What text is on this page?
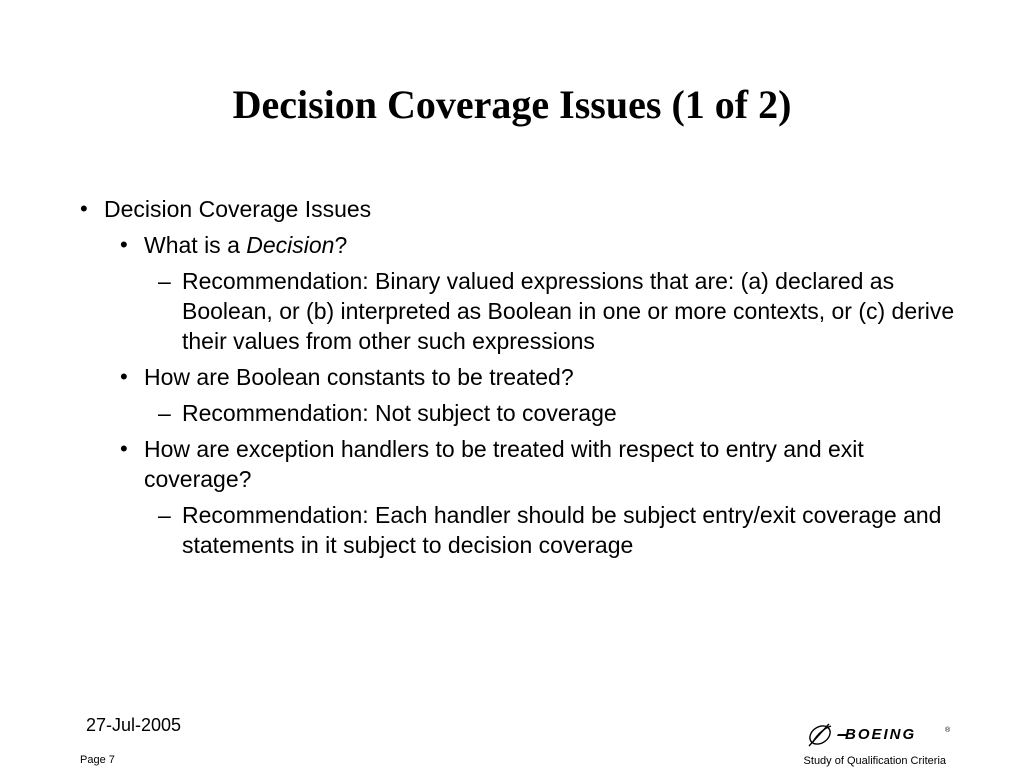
Decision Coverage Issues (1 of 2)
• Decision Coverage Issues
• What is a Decision?
– Recommendation: Binary valued expressions that are: (a) declared as Boolean, or (b) interpreted as Boolean in one or more contexts, or (c) derive their values from other such expressions
• How are Boolean constants to be treated?
– Recommendation: Not subject to coverage
• How are exception handlers to be treated with respect to entry and exit coverage?
– Recommendation: Each handler should be subject entry/exit coverage and statements in it subject to decision coverage
27-Jul-2005
Page 7	Study of Qualification Criteria
BOEING	®
